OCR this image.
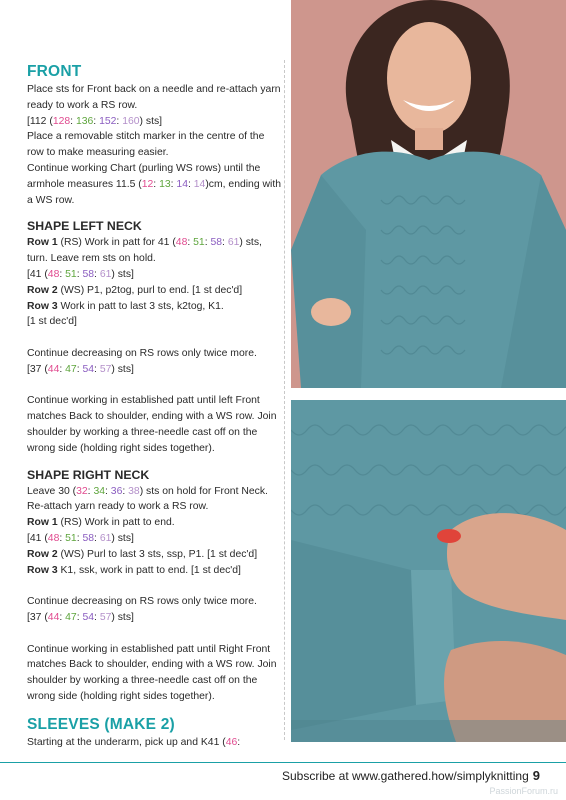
FRONT

Place sts for Front back on a needle and re-attach yarn ready to work a RS row.

[112 (128: 136: 152: 160) sts]

Place a removable stitch marker in the centre of the row to make measuring easier.

Continue working Chart (purling WS rows) until the armhole measures 11.5 (12: 13: 14: 14)cm, ending with a WS row.

SHAPE LEFT NECK

Row 1 (RS) Work in patt for 41 (48: 51: 58: 61) sts, turn. Leave rem sts on hold.

[41 (48: 51: 58: 61) sts]

Row 2 (WS) P1, p2tog, purl to end. [1 st dec'd]

Row 3 Work in patt to last 3 sts, k2tog, K1.
[1 st dec'd]

Continue decreasing on RS rows only twice more.

[37 (44: 47: 54: 57) sts]

Continue working in established patt until left Front matches Back to shoulder, ending with a WS row. Join shoulder by working a three-needle cast off on the wrong side (holding right sides together).

SHAPE RIGHT NECK

Leave 30 (32: 34: 36: 38) sts on hold for Front Neck. Re-attach yarn ready to work a RS row.

Row 1 (RS) Work in patt to end.

[41 (48: 51: 58: 61) sts]

Row 2 (WS) Purl to last 3 sts, ssp, P1. [1 st dec'd]

Row 3 K1, ssk, work in patt to end. [1 st dec'd]

Continue decreasing on RS rows only twice more.

[37 (44: 47: 54: 57) sts]

Continue working in established patt until Right Front matches Back to shoulder, ending with a WS row. Join shoulder by working a three-needle cast off on the wrong side (holding right sides together).

SLEEVES (MAKE 2)

Starting at the underarm, pick up and K41 (46:

Subscribe at www.gathered.how/simplyknitting 9
PassionForum.ru
